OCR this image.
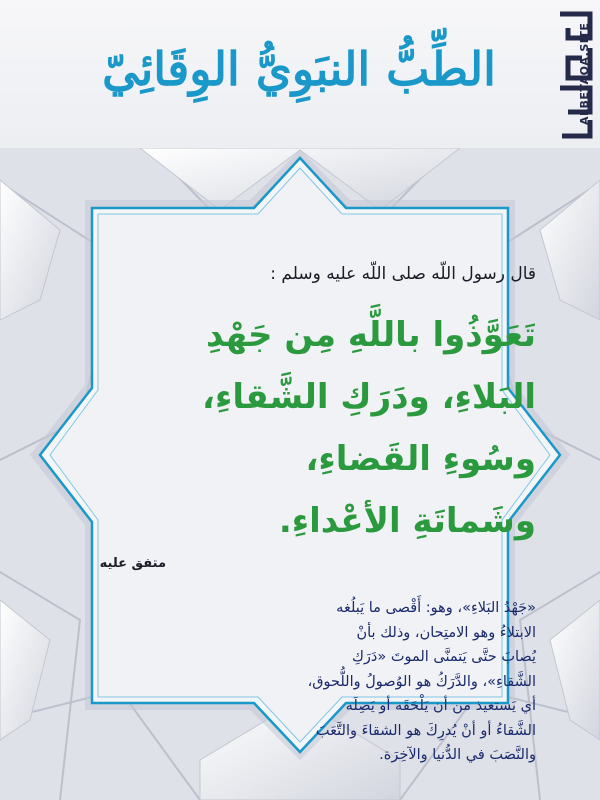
الطِّبُّ النبَوِيُّ الوِقَائِيّ	ALBETAQA.SITE
قال رسول اللّه صلى اللّه عليه وسلم :
تَعَوَّذُوا باللَّهِ مِن جَهْدِ
البَلاءِ، ودَرَكِ الشَّقاءِ،
وسُوءِ القَضاءِ،
وشَماتَةِ الأعْداءِ.
متفق عليه
«جَهْدُ البَلاءِ»، وهو: أَقْصى ما يَبلُغه
الابتلاءُ وهو الامتِحان، وذلك بأنْ
يُصابَ حتَّى يَتمنَّى الموتَ «دَرَكِ
الشَّقاءِ»، والدَّرَكُ هو الوُصولُ واللُّحوق،
أي يَستعيذ من أن يَلْحَقَه أو يَصِلَه
الشَّقاءُ أو أنْ يُدرِكَ هو الشقاءَ والتَّعَبَ
والنَّصَبَ في الدُّنيا والآخِرَة.
